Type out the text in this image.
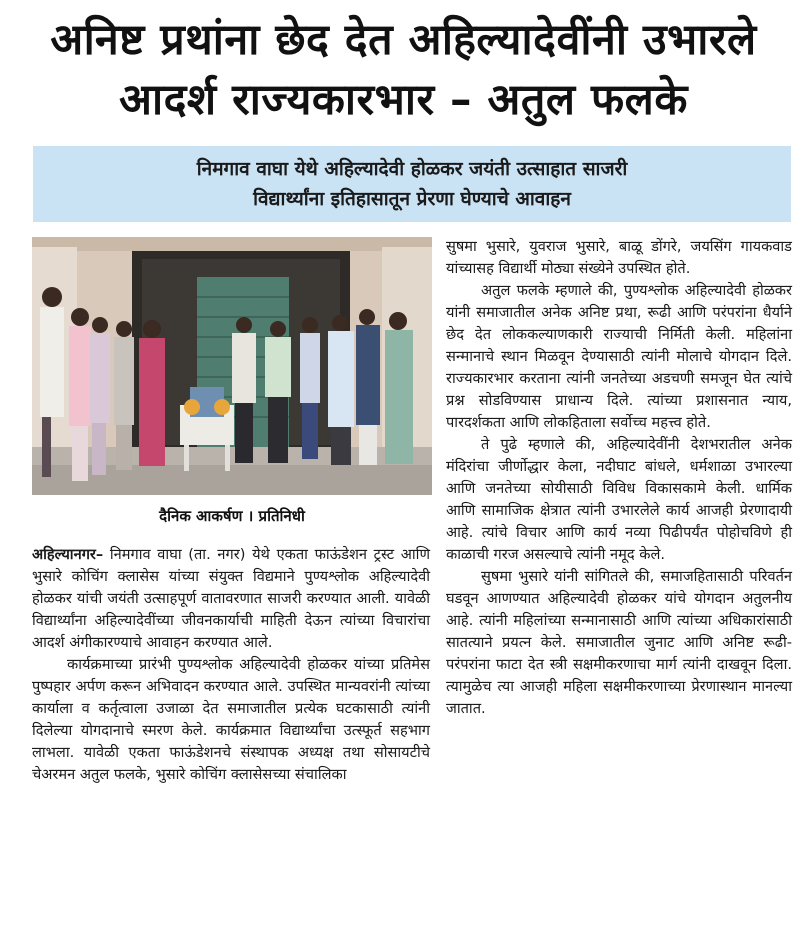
अनिष्ट प्रथांना छेद देत अहिल्यादेवींनी उभारले
आदर्श राज्यकारभार – अतुल फलके
निमगाव वाघा येथे अहिल्यादेवी होळकर जयंती उत्साहात साजरी
विद्यार्थ्यांना इतिहासातून प्रेरणा घेण्याचे आवाहन
दैनिक आकर्षण । प्रतिनिधी

अहिल्यानगर– निमगाव वाघा (ता. नगर) येथे एकता फाऊंडेशन ट्रस्ट आणि भुसारे कोचिंग क्लासेस यांच्या संयुक्त विद्यमाने पुण्यश्लोक अहिल्यादेवी होळकर यांची जयंती उत्साहपूर्ण वातावरणात साजरी करण्यात आली. यावेळी विद्यार्थ्यांना अहिल्यादेवींच्या जीवनकार्याची माहिती देऊन त्यांच्या विचारांचा आदर्श अंगीकारण्याचे आवाहन करण्यात आले.

कार्यक्रमाच्या प्रारंभी पुण्यश्लोक अहिल्यादेवी होळकर यांच्या प्रतिमेस पुष्पहार अर्पण करून अभिवादन करण्यात आले. उपस्थित मान्यवरांनी त्यांच्या कार्याला व कर्तृत्वाला उजाळा देत समाजातील प्रत्येक घटकासाठी त्यांनी दिलेल्या योगदानाचे स्मरण केले. कार्यक्रमात विद्यार्थ्यांचा उत्स्फूर्त सहभाग लाभला. यावेळी एकता फाऊंडेशनचे संस्थापक अध्यक्ष तथा सोसायटीचे चेअरमन अतुल फलके, भुसारे कोचिंग क्लासेसच्या संचालिका

सुषमा भुसारे, युवराज भुसारे, बाळू डोंगरे, जयसिंग गायकवाड यांच्यासह विद्यार्थी मोठ्या संख्येने उपस्थित होते.

अतुल फलके म्हणाले की, पुण्यश्लोक अहिल्यादेवी होळकर यांनी समाजातील अनेक अनिष्ट प्रथा, रूढी आणि परंपरांना धैर्याने छेद देत लोककल्याणकारी राज्याची निर्मिती केली. महिलांना सन्मानाचे स्थान मिळवून देण्यासाठी त्यांनी मोलाचे योगदान दिले. राज्यकारभार करताना त्यांनी जनतेच्या अडचणी समजून घेत त्यांचे प्रश्न सोडविण्यास प्राधान्य दिले. त्यांच्या प्रशासनात न्याय, पारदर्शकता आणि लोकहिताला सर्वोच्च महत्त्व होते.

ते पुढे म्हणाले की, अहिल्यादेवींनी देशभरातील अनेक मंदिरांचा जीर्णोद्धार केला, नदीघाट बांधले, धर्मशाळा उभारल्या आणि जनतेच्या सोयीसाठी विविध विकासकामे केली. धार्मिक आणि सामाजिक क्षेत्रात त्यांनी उभारलेले कार्य आजही प्रेरणादायी आहे. त्यांचे विचार आणि कार्य नव्या पिढीपर्यंत पोहोचविणे ही काळाची गरज असल्याचे त्यांनी नमूद केले.

सुषमा भुसारे यांनी सांगितले की, समाजहितासाठी परिवर्तन घडवून आणण्यात अहिल्यादेवी होळकर यांचे योगदान अतुलनीय आहे. त्यांनी महिलांच्या सन्मानासाठी आणि त्यांच्या अधिकारांसाठी सातत्याने प्रयत्न केले. समाजातील जुनाट आणि अनिष्ट रूढी-परंपरांना फाटा देत स्त्री सक्षमीकरणाचा मार्ग त्यांनी दाखवून दिला. त्यामुळेच त्या आजही महिला सक्षमीकरणाच्या प्रेरणास्थान मानल्या जातात.
